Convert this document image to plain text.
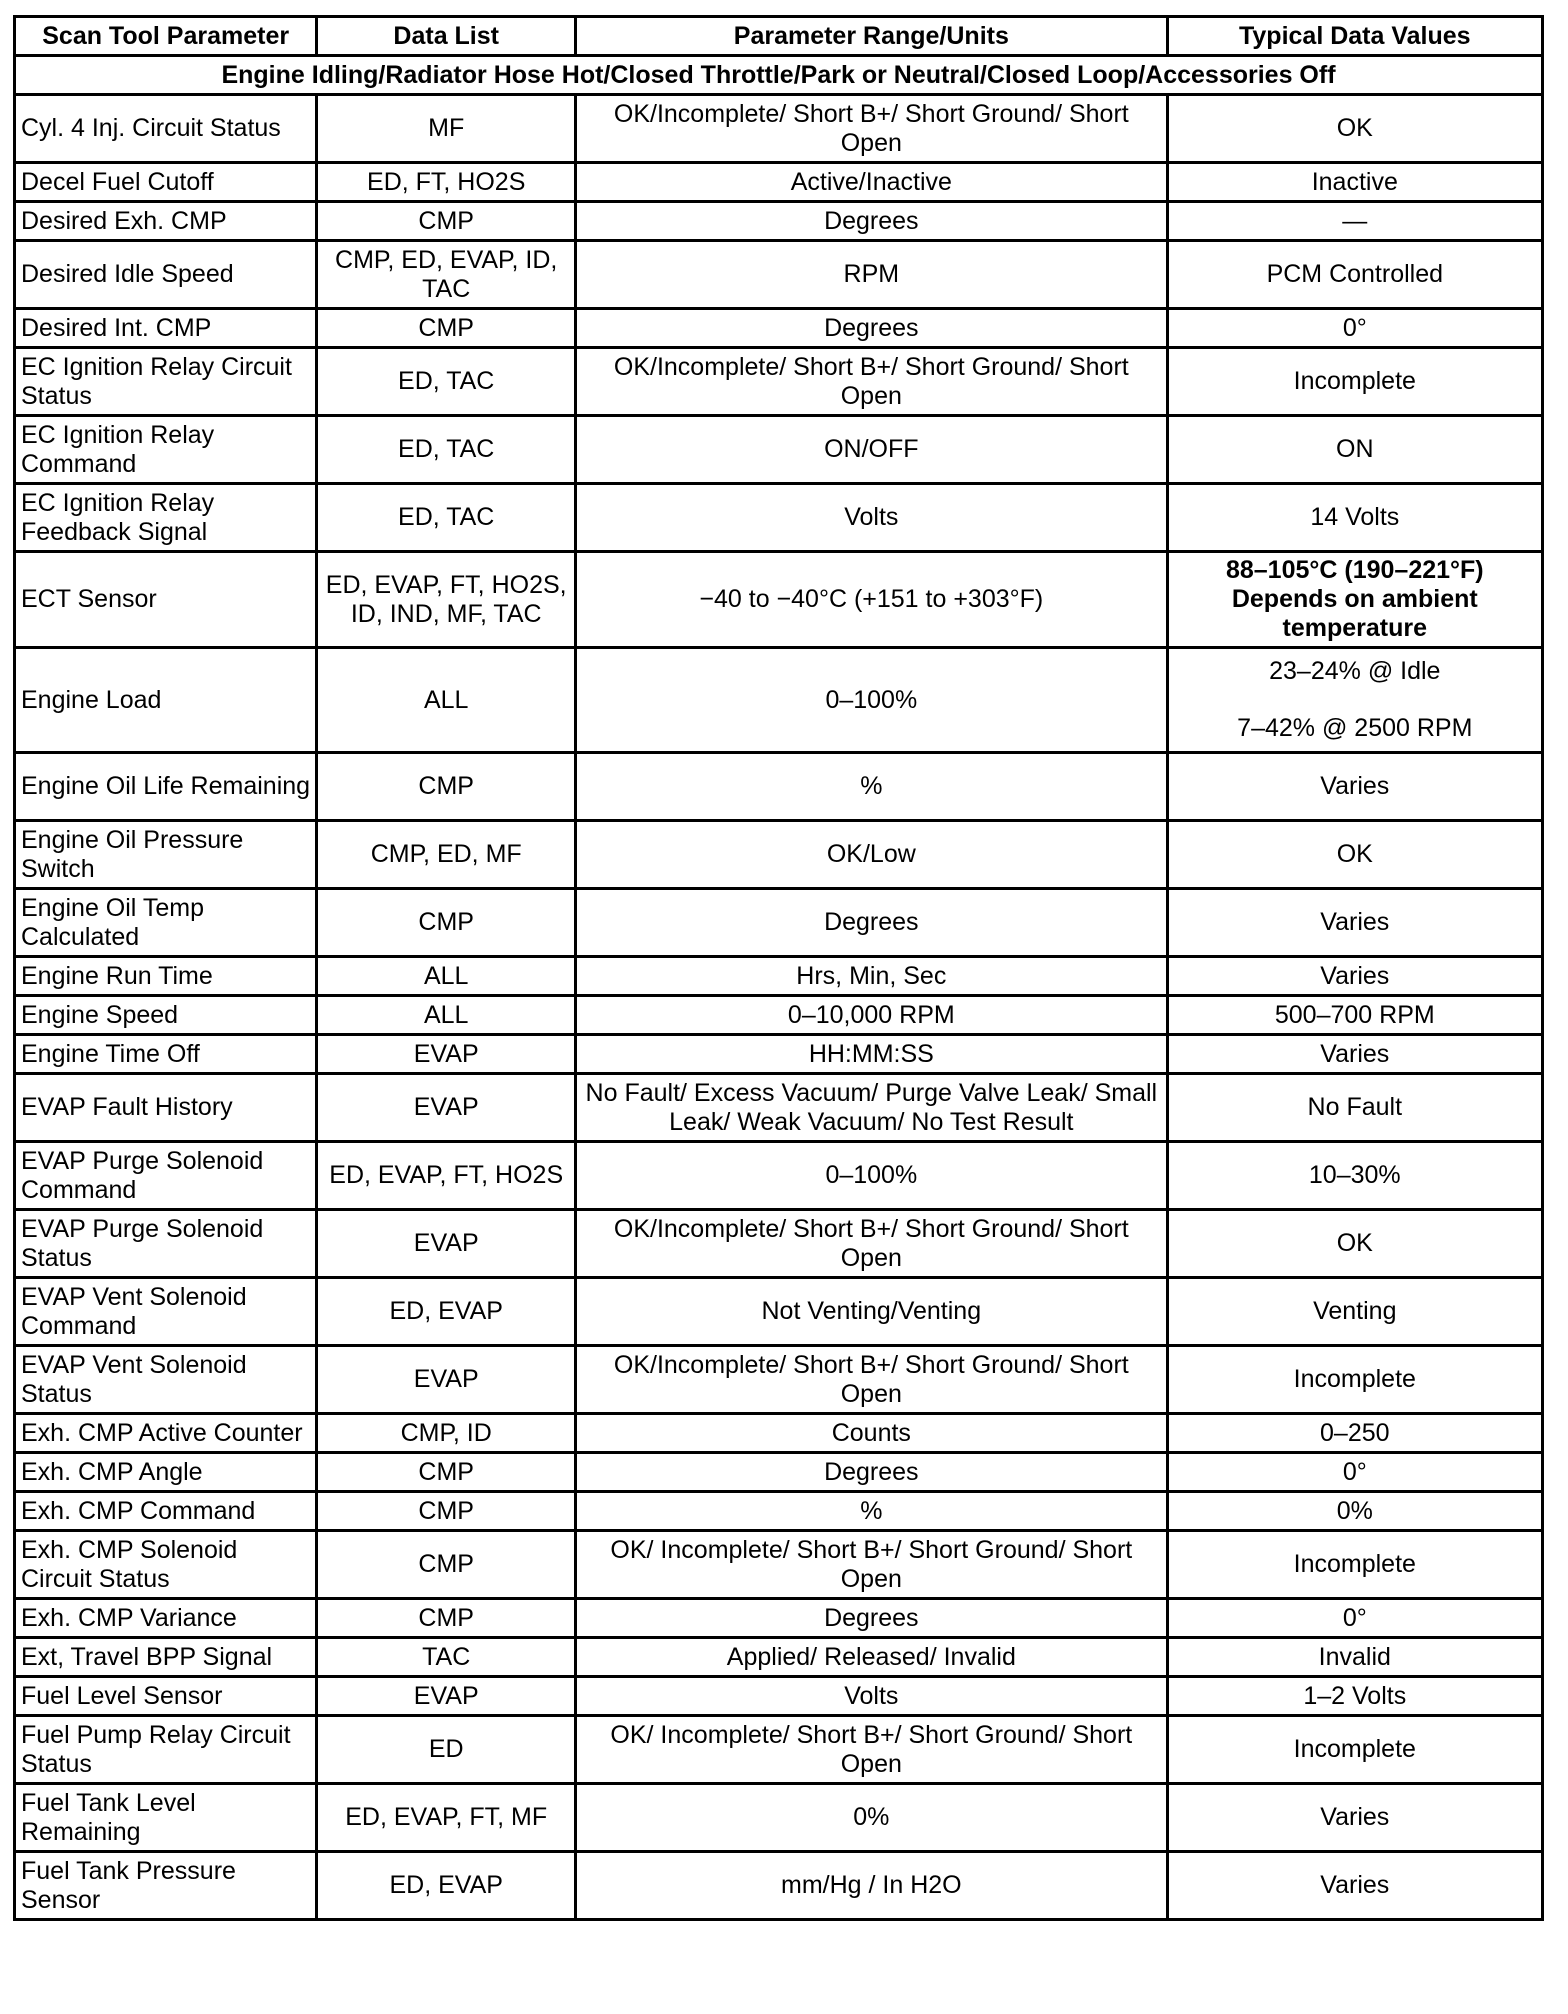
Scan Tool Parameter	Data List	Parameter Range/Units	Typical Data Values
Engine Idling/Radiator Hose Hot/Closed Throttle/Park or Neutral/Closed Loop/Accessories Off			
Cyl. 4 Inj. Circuit Status	MF	OK/Incomplete/ Short B+/ Short Ground/ Short Open	OK
Decel Fuel Cutoff	ED, FT, HO2S	Active/Inactive	Inactive
Desired Exh. CMP	CMP	Degrees	—
Desired Idle Speed	CMP, ED, EVAP, ID, TAC	RPM	PCM Controlled
Desired Int. CMP	CMP	Degrees	0°
EC Ignition Relay Circuit Status	ED, TAC	OK/Incomplete/ Short B+/ Short Ground/ Short Open	Incomplete
EC Ignition Relay Command	ED, TAC	ON/OFF	ON
EC Ignition Relay Feedback Signal	ED, TAC	Volts	14 Volts
ECT Sensor	ED, EVAP, FT, HO2S, ID, IND, MF, TAC	−40 to −40°C (+151 to +303°F)	88–105°C (190–221°F)
Depends on ambient temperature
Engine Load	ALL	0–100%	23–24% @ Idle

7–42% @ 2500 RPM
Engine Oil Life Remaining	CMP	%	Varies
Engine Oil Pressure Switch	CMP, ED, MF	OK/Low	OK
Engine Oil Temp Calculated	CMP	Degrees	Varies
Engine Run Time	ALL	Hrs, Min, Sec	Varies
Engine Speed	ALL	0–10,000 RPM	500–700 RPM
Engine Time Off	EVAP	HH:MM:SS	Varies
EVAP Fault History	EVAP	No Fault/ Excess Vacuum/ Purge Valve Leak/ Small Leak/ Weak Vacuum/ No Test Result	No Fault
EVAP Purge Solenoid Command	ED, EVAP, FT, HO2S	0–100%	10–30%
EVAP Purge Solenoid Status	EVAP	OK/Incomplete/ Short B+/ Short Ground/ Short Open	OK
EVAP Vent Solenoid Command	ED, EVAP	Not Venting/Venting	Venting
EVAP Vent Solenoid Status	EVAP	OK/Incomplete/ Short B+/ Short Ground/ Short Open	Incomplete
Exh. CMP Active Counter	CMP, ID	Counts	0–250
Exh. CMP Angle	CMP	Degrees	0°
Exh. CMP Command	CMP	%	0%
Exh. CMP Solenoid Circuit Status	CMP	OK/ Incomplete/ Short B+/ Short Ground/ Short Open	Incomplete
Exh. CMP Variance	CMP	Degrees	0°
Ext, Travel BPP Signal	TAC	Applied/ Released/ Invalid	Invalid
Fuel Level Sensor	EVAP	Volts	1–2 Volts
Fuel Pump Relay Circuit Status	ED	OK/ Incomplete/ Short B+/ Short Ground/ Short Open	Incomplete
Fuel Tank Level Remaining	ED, EVAP, FT, MF	0%	Varies
Fuel Tank Pressure Sensor	ED, EVAP	mm/Hg / In H2O	Varies
